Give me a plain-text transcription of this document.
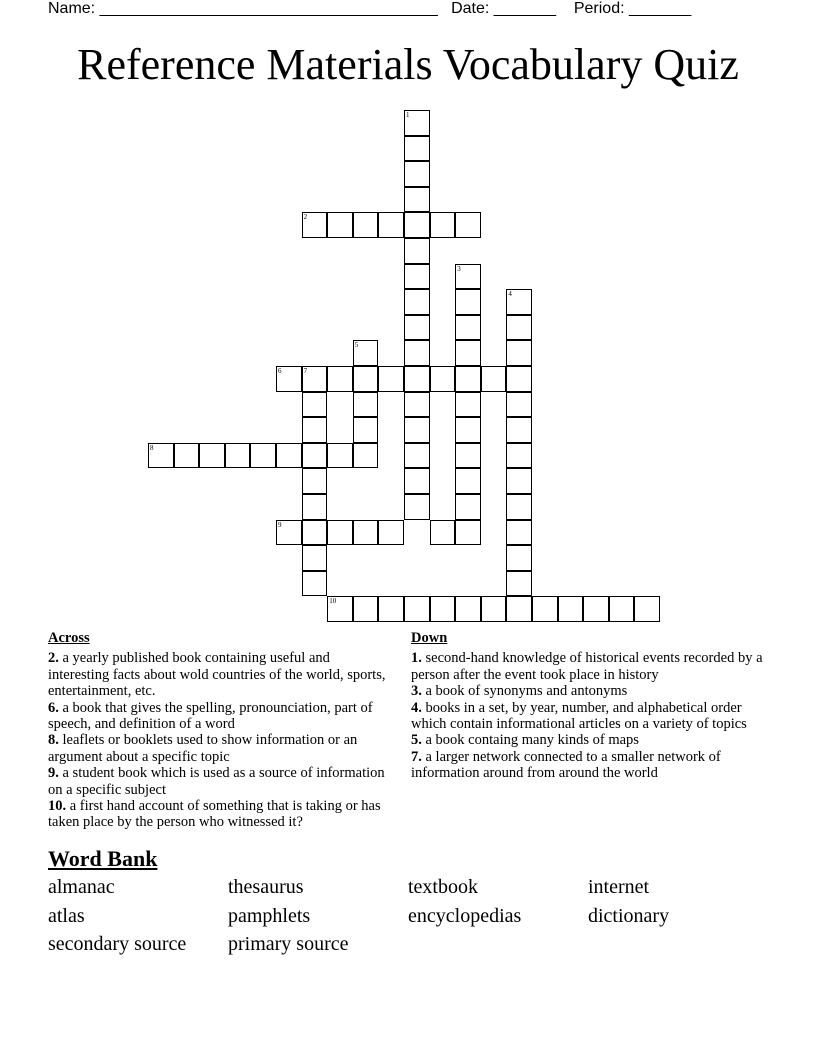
Name: ______________________________________ Date: _______ Period: _______
Reference Materials Vocabulary Quiz
1
2
3
4
5
6	7
8
9
10
Across

2. a yearly published book containing useful and interesting facts about wold countries of the world, sports, entertainment, etc.

6. a book that gives the spelling, pronounciation, part of speech, and definition of a word

8. leaflets or booklets used to show information or an argument about a specific topic

9. a student book which is used as a source of information on a specific subject

10. a first hand account of something that is taking or has taken place by the person who witnessed it?

Down

1. second-hand knowledge of historical events recorded by a person after the event took place in history

3. a book of synonyms and antonyms

4. books in a set, by year, number, and alphabetical order which contain informational articles on a variety of topics

5. a book containg many kinds of maps

7. a larger network connected to a smaller network of information around from around the world

Word Bank
almanac	thesaurus	textbook	internet
atlas	pamphlets	encyclopedias	dictionary
secondary source primary source
